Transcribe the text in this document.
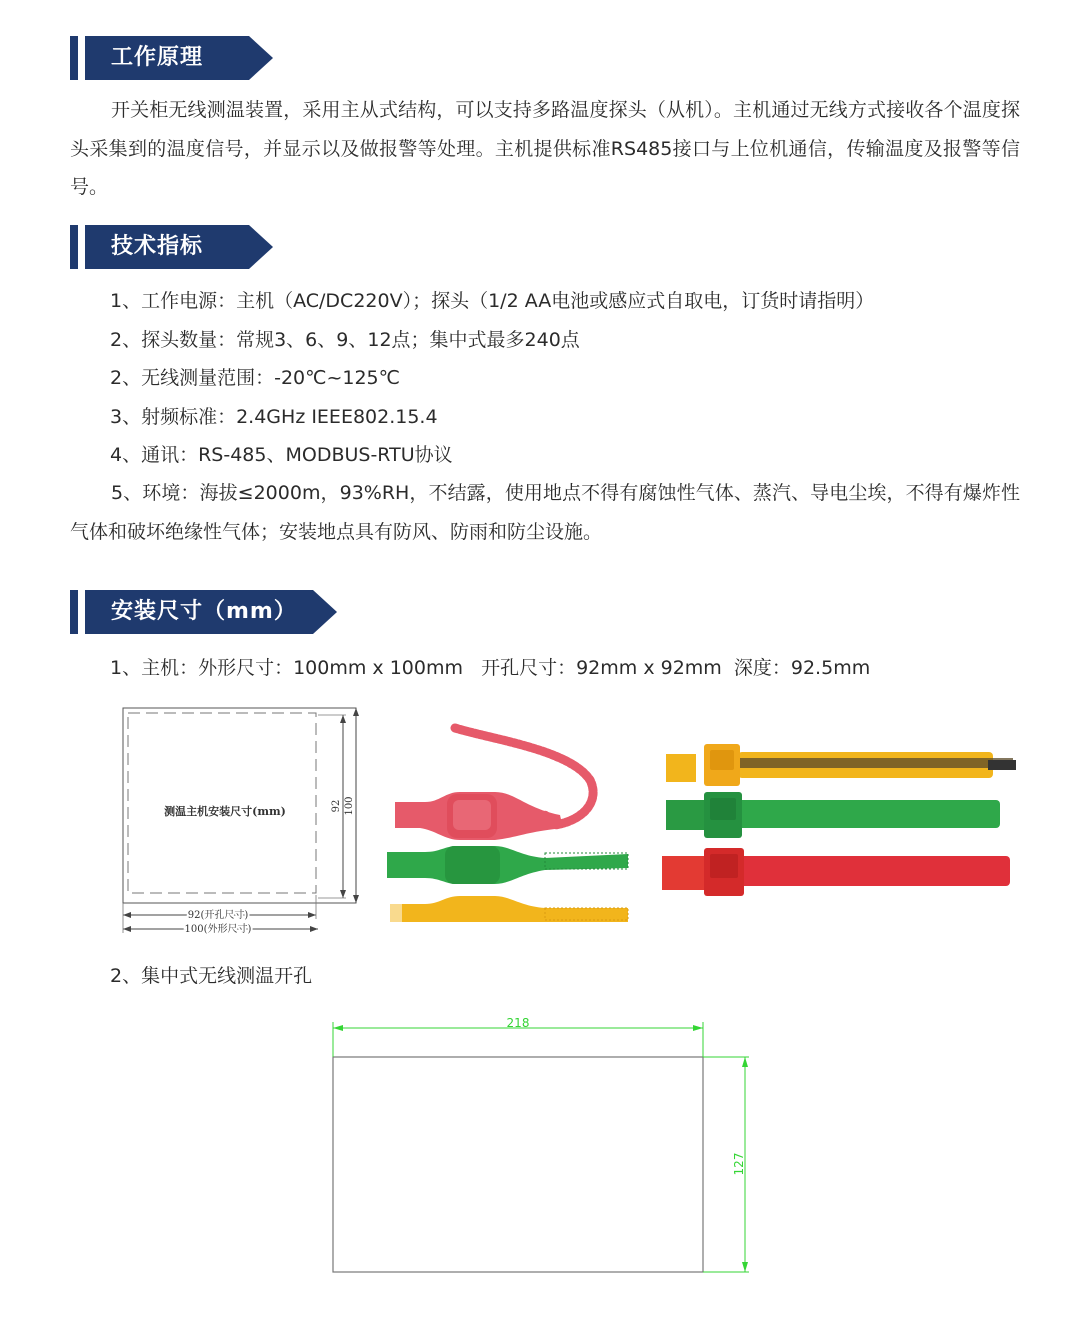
工作原理
开关柜无线测温装置，采用主从式结构，可以支持多路温度探头（从机）。主机通过无线方式接收各个温度探头采集到的温度信号，并显示以及做报警等处理。主机提供标准RS485接口与上位机通信，传输温度及报警等信号。
技术指标
1、工作电源：主机（AC/DC220V）；探头（1/2 AA电池或感应式自取电，订货时请指明）
2、探头数量：常规3、6、9、12点；集中式最多240点
2、无线测量范围：-20℃~125℃
3、射频标准：2.4GHz IEEE802.15.4
4、通讯：RS-485、MODBUS-RTU协议
5、环境：海拔≤2000m，93%RH，不结露，使用地点不得有腐蚀性气体、蒸汽、导电尘埃，不得有爆炸性气体和破坏绝缘性气体；安装地点具有防风、防雨和防尘设施。
安装尺寸（mm）
1、主机：外形尺寸：100mm x 100mm   开孔尺寸：92mm x 92mm  深度：92.5mm
测温主机安装尺寸(mm)	92 100
92(开孔尺寸)
100(外形尺寸)
2、集中式无线测温开孔
218
127
